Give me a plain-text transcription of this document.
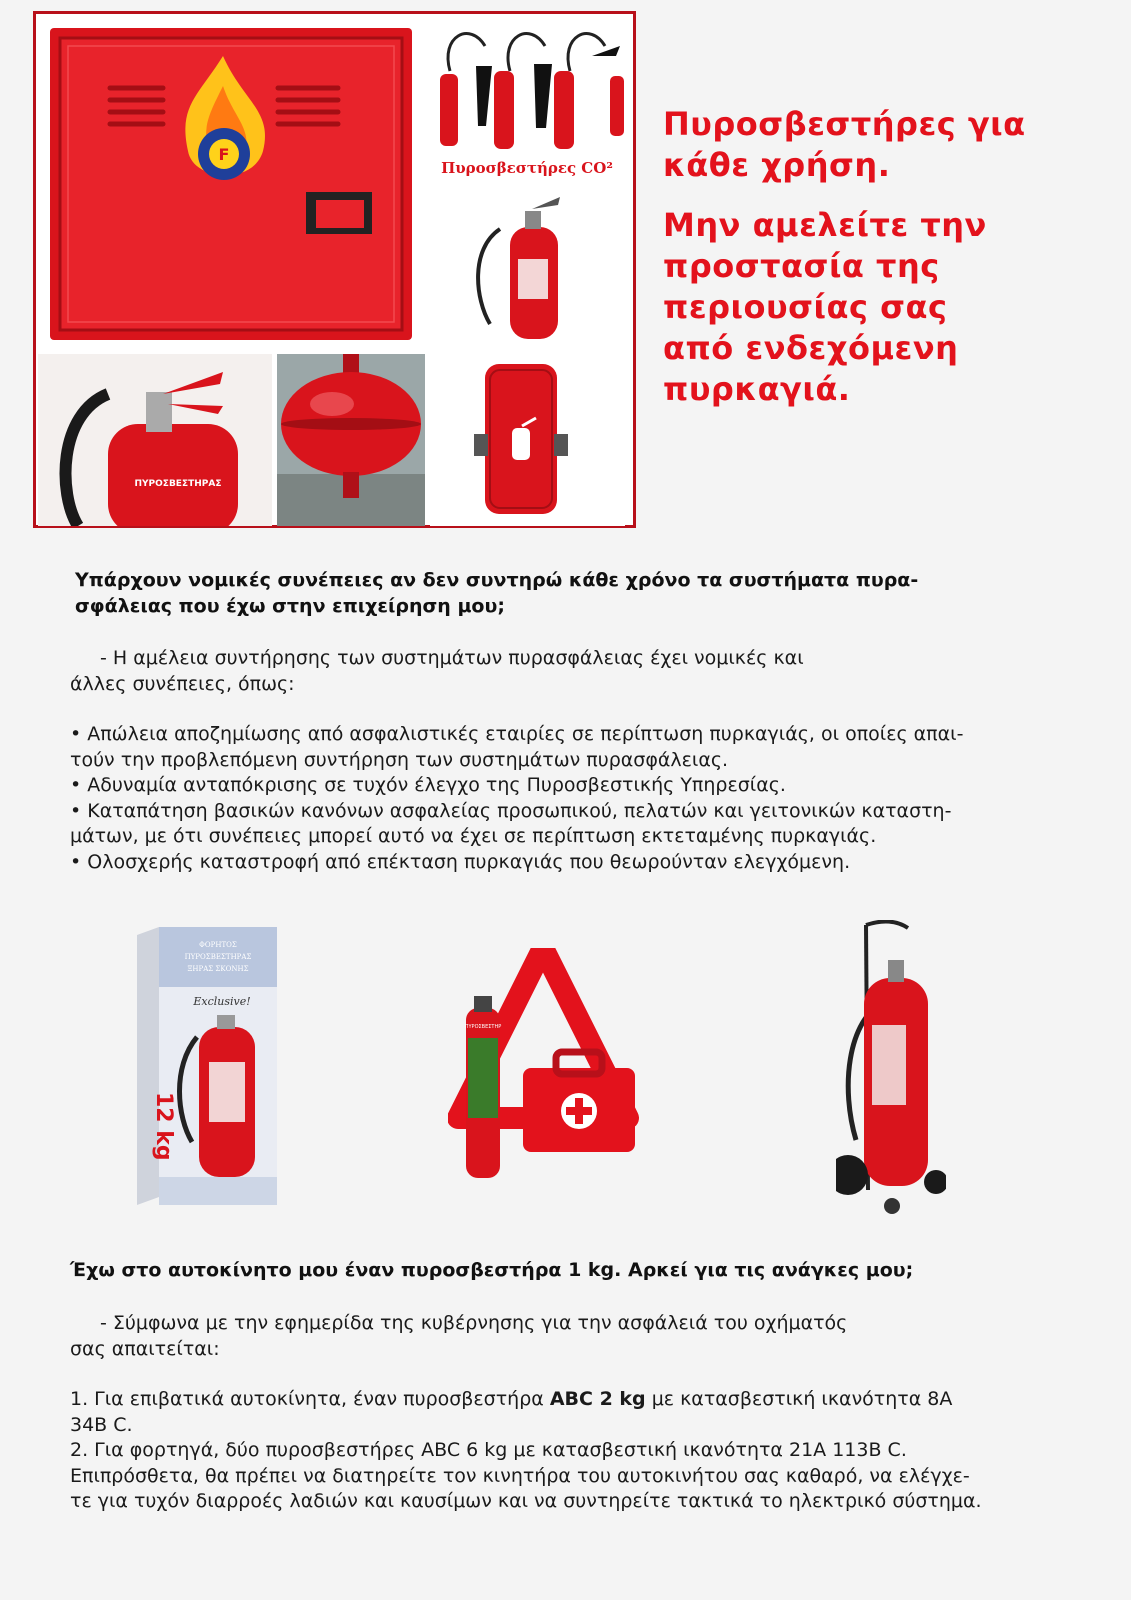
F
Πυροσβεστήρες CO²
ΠΥΡΟΣΒΕΣΤΗΡΑΣ

Πυροσβεστήρες για

κάθε χρήση.

Μην αμελείτε την

προστασία της

περιουσίας σας

από ενδεχόμενη

πυρκαγιά.

Υπάρχουν νομικές συνέπειες αν δεν συντηρώ κάθε χρόνο τα συστήματα πυρα-
σφάλειας που έχω στην επιχείρηση μου;
- Η αμέλεια συντήρησης των συστημάτων πυρασφάλειας έχει νομικές και
άλλες συνέπειες, όπως:
• Απώλεια αποζημίωσης από ασφαλιστικές εταιρίες σε περίπτωση πυρκαγιάς, οι οποίες απαι-
τούν την προβλεπόμενη συντήρηση των συστημάτων πυρασφάλειας.
• Αδυναμία ανταπόκρισης σε τυχόν έλεγχο της Πυροσβεστικής Υπηρεσίας.
• Καταπάτηση βασικών κανόνων ασφαλείας προσωπικού, πελατών και γειτονικών καταστη-
μάτων, με ότι συνέπειες μπορεί αυτό να έχει σε περίπτωση εκτεταμένης πυρκαγιάς.
• Ολοσχερής καταστροφή από επέκταση πυρκαγιάς που θεωρούνταν ελεγχόμενη.
ΦΟΡΗΤΟΣ
ΠΥΡΟΣΒΕΣΤΗΡΑΣ
ΞΗΡΑΣ ΣΚΟΝΗΣ
Exclusive!
12 kg
ΠΥΡΟΣΒΕΣΤΗΡ
Έχω στο αυτοκίνητο μου έναν πυροσβεστήρα 1 kg. Αρκεί για τις ανάγκες μου;
- Σύμφωνα με την εφημερίδα της κυβέρνησης για την ασφάλειά του οχήματός
σας απαιτείται:
1. Για επιβατικά αυτοκίνητα, έναν πυροσβεστήρα ABC 2 kg με κατασβεστική ικανότητα 8A
34B C.
2. Για φορτηγά, δύο πυροσβεστήρες ABC 6 kg με κατασβεστική ικανότητα 21A 113B C.
Επιπρόσθετα, θα πρέπει να διατηρείτε τον κινητήρα του αυτοκινήτου σας καθαρό, να ελέγχε-
τε για τυχόν διαρροές λαδιών και καυσίμων και να συντηρείτε τακτικά το ηλεκτρικό σύστημα.
